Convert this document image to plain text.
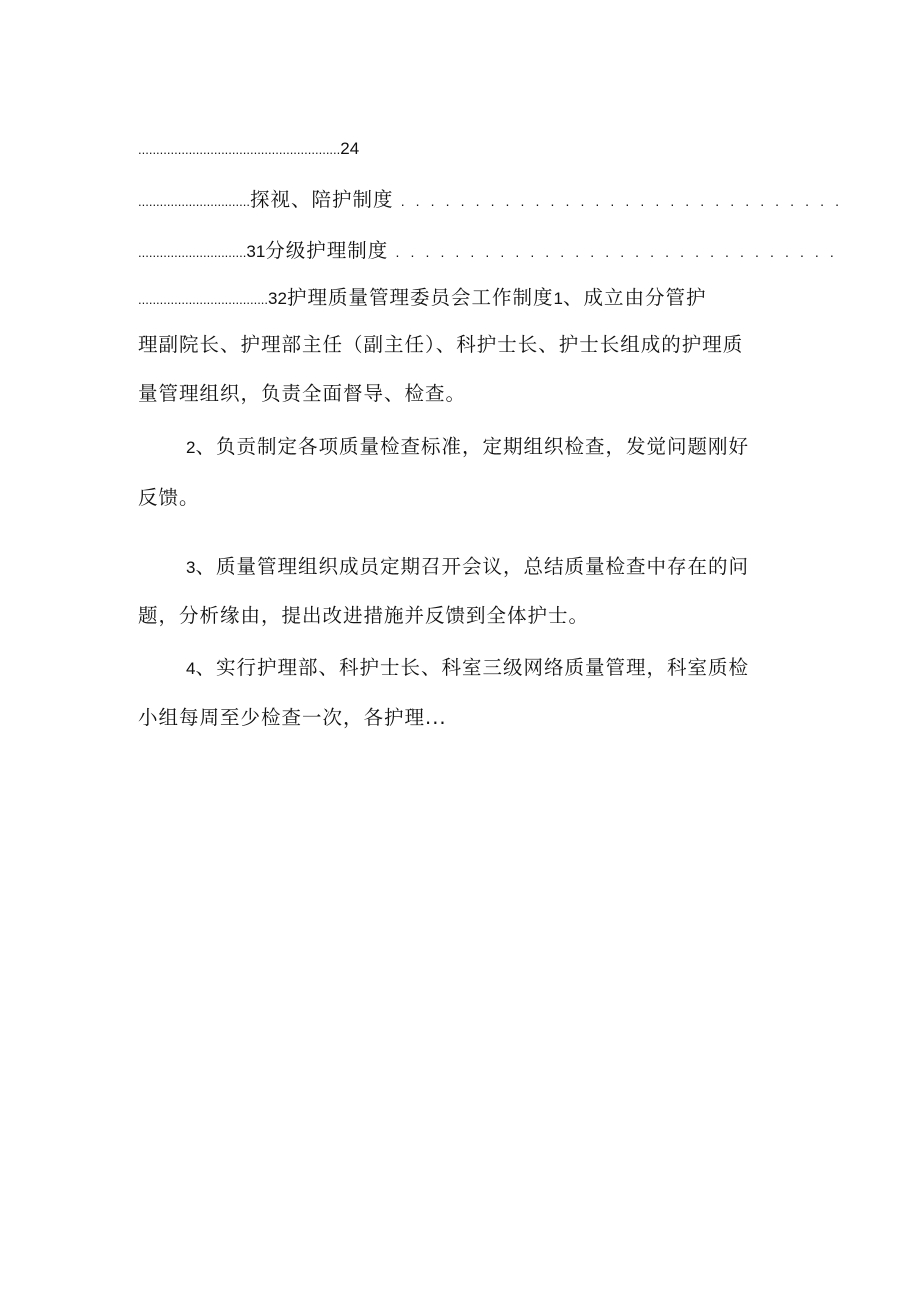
........................................................24
...............................探视、陪护制度 . . . . . . . . . . . . . . . . . . . . . . . . . . . . . .
..............................31分级护理制度 . . . . . . . . . . . . . . . . . . . . . . . . . . . . . .
....................................32护理质量管理委员会工作制度1、成立由分管护
理副院长、护理部主任（副主任）、科护士长、护士长组成的护理质
量管理组织，负责全面督导、检查。
2、负贡制定各项质量检查标准，定期组织检查，发觉问题刚好
反馈。
3、质量管理组织成员定期召开会议，总结质量检查中存在的问
题，分析缘由，提出改进措施并反馈到全体护士。
4、实行护理部、科护士长、科室三级网络质量管理，科室质检
小组每周至少检查一次，各护理...
